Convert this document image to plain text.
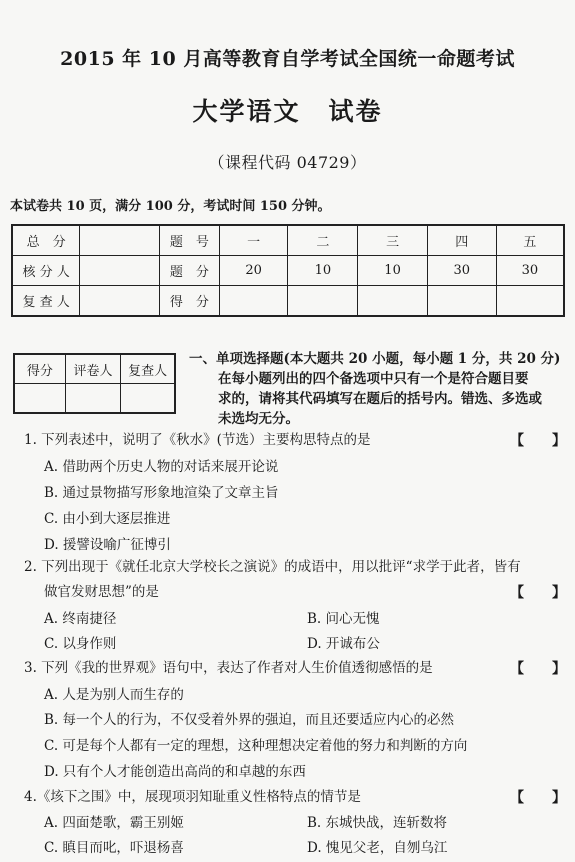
2015 年 10 月高等教育自学考试全国统一命题考试
大学语文 试卷
（课程代码 04729）
本试卷共 10 页，满分 100 分，考试时间 150 分钟。
总　分		题　号	一	二	三	四	五
核 分 人		题　分	20	10	10	30	30
复 查 人		得　分					
得分	评卷人	复查人

一、单项选择题(本大题共 20 小题，每小题 1 分，共 20 分)
在每小题列出的四个备选项中只有一个是符合题目要
求的，请将其代码填写在题后的括号内。错选、多选或
未选均无分。
1. 下列表述中，说明了《秋水》(节选）主要构思特点的是	【　　】
A. 借助两个历史人物的对话来展开论说
B. 通过景物描写形象地渲染了文章主旨
C. 由小到大逐层推进
D. 援譬设喻广征博引
2. 下列出现于《就任北京大学校长之演说》的成语中，用以批评“求学于此者，皆有
做官发财思想”的是	【　　】
A. 终南捷径	B. 问心无愧
C. 以身作则	D. 开诚布公
3. 下列《我的世界观》语句中，表达了作者对人生价值透彻感悟的是	【　　】
A. 人是为别人而生存的
B. 每一个人的行为，不仅受着外界的强迫，而且还要适应内心的必然
C. 可是每个人都有一定的理想，这种理想决定着他的努力和判断的方向
D. 只有个人才能创造出高尚的和卓越的东西
4.《垓下之围》中，展现项羽知耻重义性格特点的情节是	【　　】
A. 四面楚歌，霸王别姬	B. 东城快战，连斩数将
C. 瞋目而叱，吓退杨喜	D. 愧见父老，自刎乌江
